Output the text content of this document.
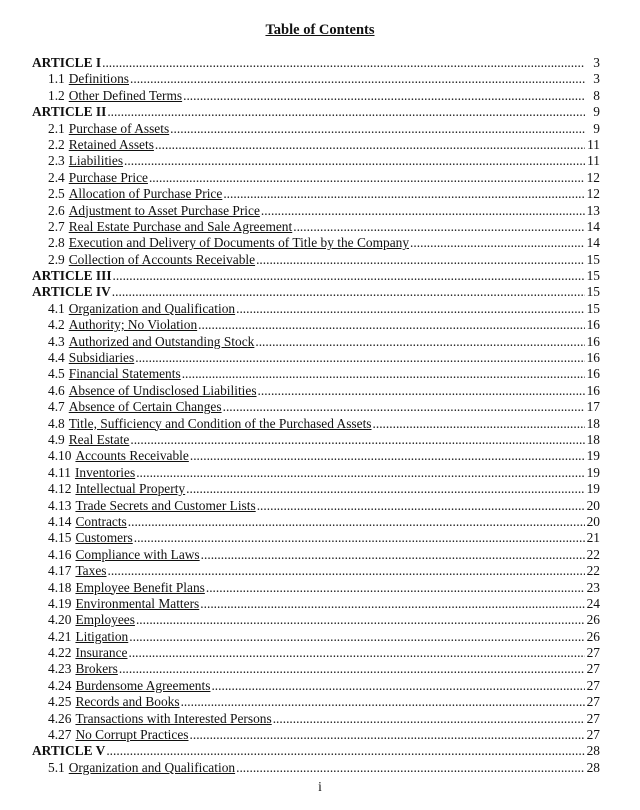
Table of Contents
ARTICLE I .....	3
1.1 Definitions .....	3
1.2 Other Defined Terms .....	8
ARTICLE II .....	9
2.1 Purchase of Assets .....	9
2.2 Retained Assets .....	11
2.3 Liabilities .....	11
2.4 Purchase Price .....	12
2.5 Allocation of Purchase Price .....	12
2.6 Adjustment to Asset Purchase Price .....	13
2.7 Real Estate Purchase and Sale Agreement .....	14
2.8 Execution and Delivery of Documents of Title by the Company .....	14
2.9 Collection of Accounts Receivable .....	15
ARTICLE III .....	15
ARTICLE IV .....	15
4.1 Organization and Qualification .....	15
4.2 Authority; No Violation .....	16
4.3 Authorized and Outstanding Stock .....	16
4.4 Subsidiaries .....	16
4.5 Financial Statements .....	16
4.6 Absence of Undisclosed Liabilities .....	16
4.7 Absence of Certain Changes .....	17
4.8 Title, Sufficiency and Condition of the Purchased Assets .....	18
4.9 Real Estate .....	18
4.10 Accounts Receivable .....	19
4.11 Inventories .....	19
4.12 Intellectual Property .....	19
4.13 Trade Secrets and Customer Lists .....	20
4.14 Contracts .....	20
4.15 Customers .....	21
4.16 Compliance with Laws .....	22
4.17 Taxes .....	22
4.18 Employee Benefit Plans .....	23
4.19 Environmental Matters .....	24
4.20 Employees .....	26
4.21 Litigation .....	26
4.22 Insurance .....	27
4.23 Brokers .....	27
4.24 Burdensome Agreements .....	27
4.25 Records and Books .....	27
4.26 Transactions with Interested Persons .....	27
4.27 No Corrupt Practices .....	27
ARTICLE V .....	28
5.1 Organization and Qualification .....	28
i
